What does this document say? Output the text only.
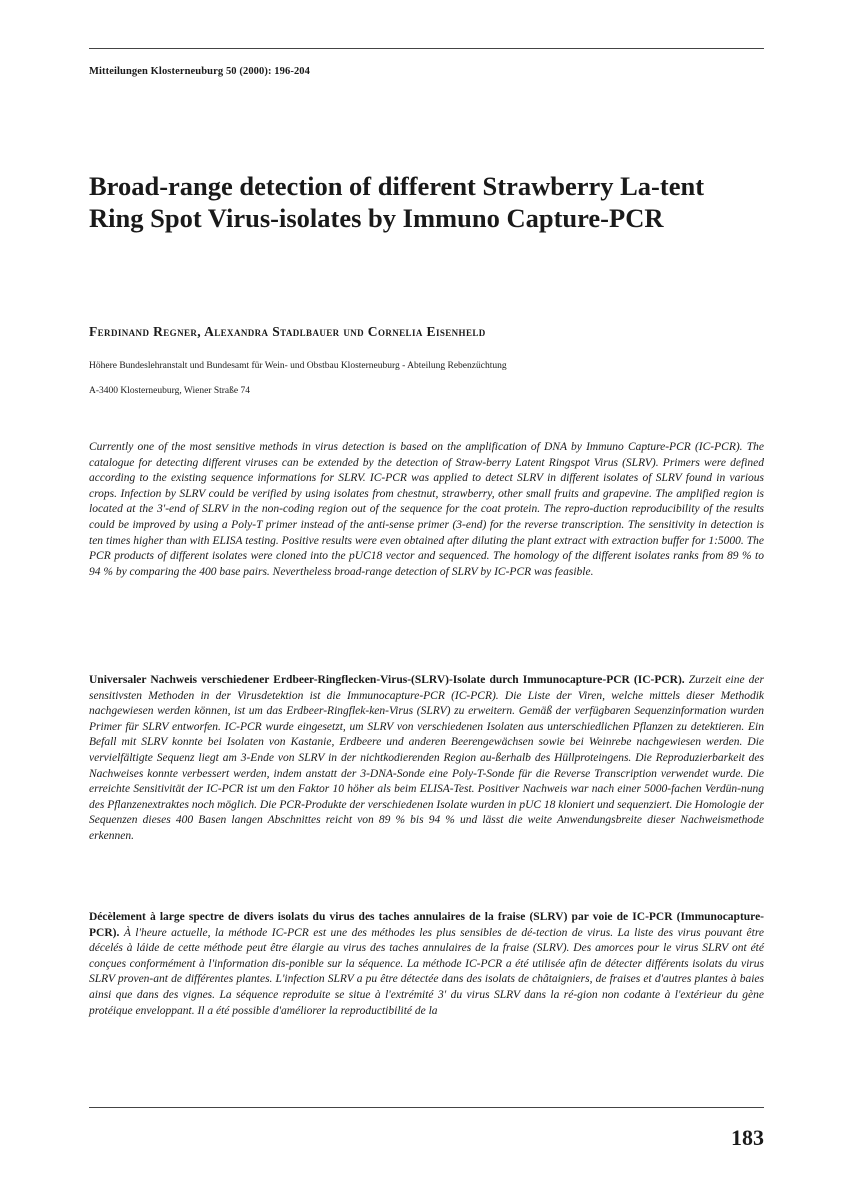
Mitteilungen Klosterneuburg 50 (2000): 196-204
Broad-range detection of different Strawberry La-tent Ring Spot Virus-isolates by Immuno Capture-PCR
Ferdinand Regner, Alexandra Stadlbauer und Cornelia Eisenheld
Höhere Bundeslehranstalt und Bundesamt für Wein- und Obstbau Klosterneuburg - Abteilung Rebenzüchtung
A-3400 Klosterneuburg, Wiener Straße 74

Currently one of the most sensitive methods in virus detection is based on the amplification of DNA by Immuno Capture-PCR (IC-PCR). The catalogue for detecting different viruses can be extended by the detection of Straw-berry Latent Ringspot Virus (SLRV). Primers were defined according to the existing sequence informations for SLRV. IC-PCR was applied to detect SLRV in different isolates of SLRV found in various crops. Infection by SLRV could be verified by using isolates from chestnut, strawberry, other small fruits and grapevine. The amplified region is located at the 3'-end of SLRV in the non-coding region out of the sequence for the coat protein. The repro-duction reproducibility of the results could be improved by using a Poly-T primer instead of the anti-sense primer (3-end) for the reverse transcription. The sensitivity in detection is ten times higher than with ELISA testing. Positive results were even obtained after diluting the plant extract with extraction buffer for 1:5000. The PCR products of different isolates were cloned into the pUC18 vector and sequenced. The homology of the different isolates ranks from 89 % to 94 % by comparing the 400 base pairs. Nevertheless broad-range detection of SLRV by IC-PCR was feasible.

Universaler Nachweis verschiedener Erdbeer-Ringflecken-Virus-(SLRV)-Isolate durch Immunocapture-PCR (IC-PCR). Zurzeit eine der sensitivsten Methoden in der Virusdetektion ist die Immunocapture-PCR (IC-PCR). Die Liste der Viren, welche mittels dieser Methodik nachgewiesen werden können, ist um das Erdbeer-Ringflek-ken-Virus (SLRV) zu erweitern. Gemäß der verfügbaren Sequenzinformation wurden Primer für SLRV entworfen. IC-PCR wurde eingesetzt, um SLRV von verschiedenen Isolaten aus unterschiedlichen Pflanzen zu detektieren. Ein Befall mit SLRV konnte bei Isolaten von Kastanie, Erdbeere und anderen Beerengewächsen sowie bei Weinrebe nachgewiesen werden. Die vervielfältigte Sequenz liegt am 3-Ende von SLRV in der nichtkodierenden Region au-ßerhalb des Hüllproteingens. Die Reproduzierbarkeit des Nachweises konnte verbessert werden, indem anstatt der 3-DNA-Sonde eine Poly-T-Sonde für die Reverse Transcription verwendet wurde. Die erreichte Sensitivität der IC-PCR ist um den Faktor 10 höher als beim ELISA-Test. Positiver Nachweis war nach einer 5000-fachen Verdün-nung des Pflanzenextraktes noch möglich. Die PCR-Produkte der verschiedenen Isolate wurden in pUC 18 kloniert und sequenziert. Die Homologie der Sequenzen dieses 400 Basen langen Abschnittes reicht von 89 % bis 94 % und lässt die weite Anwendungsbreite dieser Nachweismethode erkennen.

Décèlement à large spectre de divers isolats du virus des taches annulaires de la fraise (SLRV) par voie de IC-PCR (Immunocapture-PCR). À l'heure actuelle, la méthode IC-PCR est une des méthodes les plus sensibles de dé-tection de virus. La liste des virus pouvant être décelés à láide de cette méthode peut être élargie au virus des taches annulaires de la fraise (SLRV). Des amorces pour le virus SLRV ont été conçues conformément à l'information dis-ponible sur la séquence. La méthode IC-PCR a été utilisée afin de détecter différents isolats du virus SLRV proven-ant de différentes plantes. L'infection SLRV a pu être détectée dans des isolats de châtaigniers, de fraises et d'autres plantes à baies ainsi que dans des vignes. La séquence reproduite se situe à l'extrémité 3' du virus SLRV dans la ré-gion non codante à l'extérieur du gène protéique enveloppant. Il a été possible d'améliorer la reproductibilité de la

183
